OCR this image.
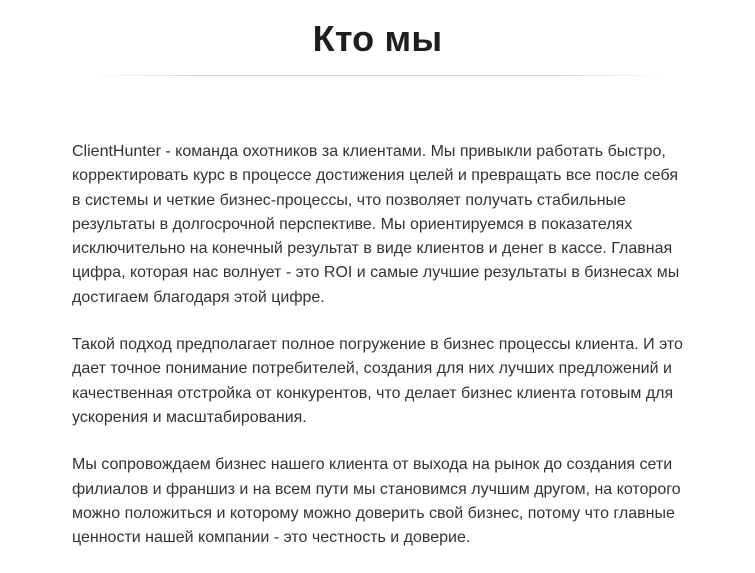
Кто мы

ClientHunter - команда охотников за клиентами. Мы привыкли работать быстро, корректировать курс в процессе достижения целей и превращать все после себя в системы и четкие бизнес-процессы, что позволяет получать стабильные результаты в долгосрочной перспективе. Мы ориентируемся в показателях исключительно на конечный результат в виде клиентов и денег в кассе. Главная цифра, которая нас волнует - это ROI и самые лучшие результаты в бизнесах мы достигаем благодаря этой цифре.

Такой подход предполагает полное погружение в бизнес процессы клиента. И это дает точное понимание потребителей, создания для них лучших предложений и качественная отстройка от конкурентов, что делает бизнес клиента готовым для ускорения и масштабирования.

Мы сопровождаем бизнес нашего клиента от выхода на рынок до создания сети филиалов и франшиз и на всем пути мы становимся лучшим другом, на которого можно положиться и которому можно доверить свой бизнес, потому что главные ценности нашей компании - это честность и доверие.
